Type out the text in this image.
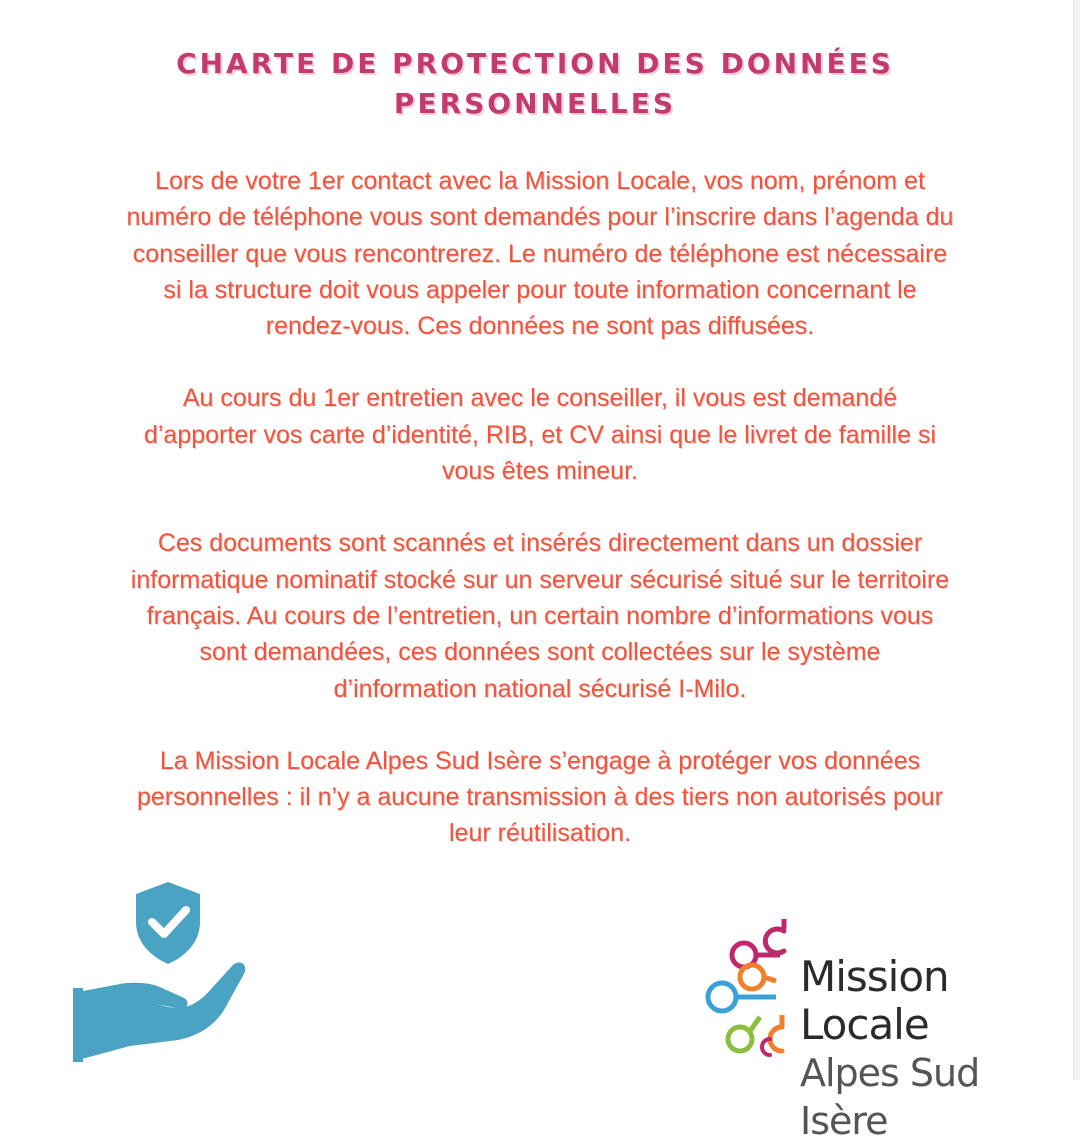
CHARTE DE PROTECTION DES DONNÉES
PERSONNELLES
Lors de votre 1er contact avec la Mission Locale, vos nom, prénom et
numéro de téléphone vous sont demandés pour l’inscrire dans l’agenda du
conseiller que vous rencontrerez. Le numéro de téléphone est nécessaire
si la structure doit vous appeler pour toute information concernant le
rendez-vous. Ces données ne sont pas diffusées.
Au cours du 1er entretien avec le conseiller, il vous est demandé
d’apporter vos carte d’identité, RIB, et CV ainsi que le livret de famille si
vous êtes mineur.
Ces documents sont scannés et insérés directement dans un dossier
informatique nominatif stocké sur un serveur sécurisé situé sur le territoire
français. Au cours de l’entretien, un certain nombre d’informations vous
sont demandées, ces données sont collectées sur le système
d’information national sécurisé I-Milo.
La Mission Locale Alpes Sud Isère s’engage à protéger vos données
personnelles : il n’y a aucune transmission à des tiers non autorisés pour
leur réutilisation.
Mission Locale
Alpes Sud Isère
